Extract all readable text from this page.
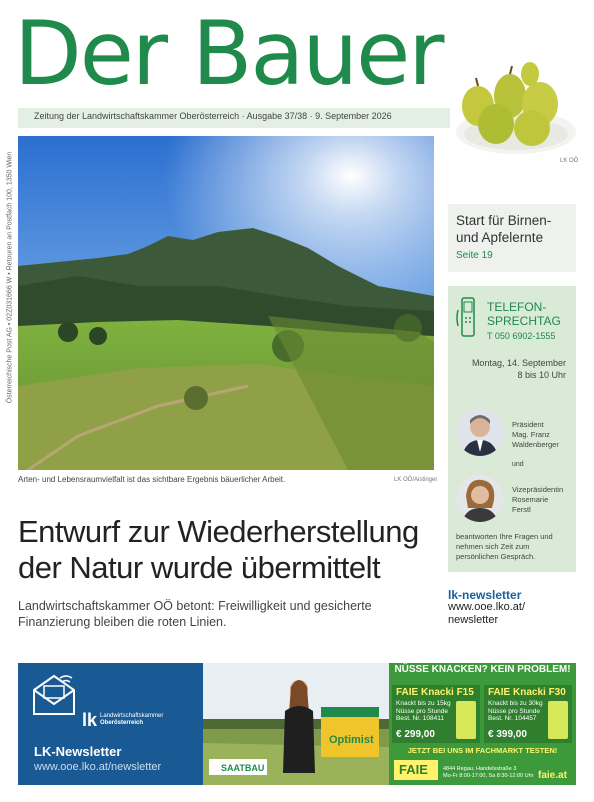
Der Bauer
Zeitung der Landwirtschaftskammer Oberösterreich · Ausgabe 37/38 · 9. September 2026
LK OÖ
Österreichische Post AG • 02Z031666 W • Retouren an Postfach 100, 1350 Wien
Arten- und Lebensraumvielfalt ist das sichtbare Ergebnis bäuerlicher Arbeit.	LK OÖ/Aistinger
Entwurf zur Wiederherstellung
der Natur wurde übermittelt
Landwirtschaftskammer OÖ betont: Freiwilligkeit und gesicherte
Finanzierung bleiben die roten Linien.
Start für Birnen-
und Apfelernte
Seite 19
TELEFON-
SPRECHTAG
T 050 6902-1555
Montag, 14. September
8 bis 10 Uhr
Präsident
Mag. Franz
Waldenberger
und
Vizepräsidentin
Rosemarie
Ferstl
beantworten Ihre Fragen und nehmen sich Zeit zum persönlichen Gespräch.
lk-newsletter
www.ooe.lko.at/
newsletter
lk Landwirtschaftskammer
Oberösterreich
LK-Newsletter
www.ooe.lko.at/newsletter
Optimist
SAATBAU
NÜSSE KNACKEN? KEIN PROBLEM!
FAIE Knacki F15
Knackt bis zu 15kg Nüsse pro Stunde
Best. Nr. 108411
€ 299,00
FAIE Knacki F30
Knackt bis zu 30kg Nüsse pro Stunde
Best. Nr. 104457
€ 399,00
JETZT BEI UNS IM FACHMARKT TESTEN!
FAIE	4844 Regau, Handelsstraße 3
Mo-Fr 8:00-17:00, Sa 8:30-12:00 Uhr faie.at
